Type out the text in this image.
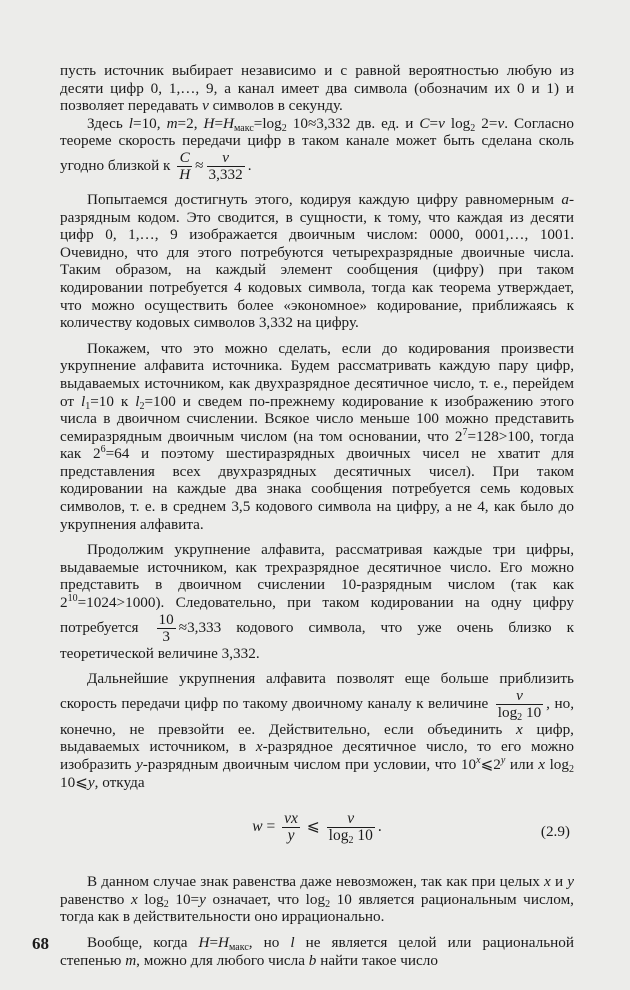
пусть источник выбирает независимо и с равной вероятностью любую из десяти цифр 0, 1,…, 9, а канал имеет два символа (обозначим их 0 и 1) и позволяет передавать v символов в секунду.

Здесь l=10, m=2, $H=H_{макс}=\log_2$ 10≈3,332 дв. ед. и C=v $\log_2 2=v$. Согласно теореме скорость передачи цифр в таком канале может быть сделана сколь угодно близкой к $\frac{C}{H} \approx \frac{v}{3,332}$ .

Попытаемся достигнуть этого, кодируя каждую цифру равномерным a-разрядным кодом. Это сводится, в сущности, к тому, что каждая из десяти цифр 0, 1,…, 9 изображается двоичным числом: 0000, 0001,…, 1001. Очевидно, что для этого потребуются четырехразрядные двоичные числа. Таким образом, на каждый элемент сообщения (цифру) при таком кодировании потребуется 4 кодовых символа, тогда как теорема утверждает, что можно осуществить более «экономное» кодирование, приближаясь к количеству кодовых символов 3,332 на цифру.

Покажем, что это можно сделать, если до кодирования произвести укрупнение алфавита источника. Будем рассматривать каждую пару цифр, выдаваемых источником, как двухразрядное десятичное число, т. е., перейдем от $l_1=10$ к $l_2=100$ и сведем по-прежнему кодирование к изображению этого числа в двоичном счислении. Всякое число меньше 100 можно представить семиразрядным двоичным числом (на том основании, что $2^7=128>100$, тогда как $2^6=64$ и поэтому шестиразрядных двоичных чисел не хватит для представления всех двухразрядных десятичных чисел). При таком кодировании на каждые два знака сообщения потребуется семь кодовых символов, т. е. в среднем 3,5 кодового символа на цифру, а не 4, как было до укрупнения алфавита.

Продолжим укрупнение алфавита, рассматривая каждые три цифры, выдаваемые источником, как трехразрядное десятичное число. Его можно представить в двоичном счислении 10-разрядным числом (так как $2^{10}=1024>1000$). Следовательно, при таком кодировании на одну цифру потребуется $\frac{10}{3} \approx 3,333$ кодового символа, что уже очень близко к теоретической величине 3,332.

Дальнейшие укрупнения алфавита позволят еще больше приблизить скорость передачи цифр по такому двоичному каналу к величине $\frac{v}{\log_2 10}$ , но, конечно, не превзойти ее. Действительно, если объединить x цифр, выдаваемых источником, в x-разрядное десятичное число, то его можно изобразить y-разрядным двоичным числом при условии, что 10$^x$⩽2$^y$ или x $\log_2$ 10⩽y, откуда

$w = \frac{vx}{y}$ ⩽ $\frac{v}{\log_2 10}$ .	(2.9)

В данном случае знак равенства даже невозможен, так как при целых x и y равенство x $\log_2 10=y$ означает, что $\log_2 10$ является рациональным числом, тогда как в действительности оно иррационально.

Вообще, когда $H=H_{макс}$, но l не является целой или рациональной степенью m, можно для любого числа b найти такое число

68
